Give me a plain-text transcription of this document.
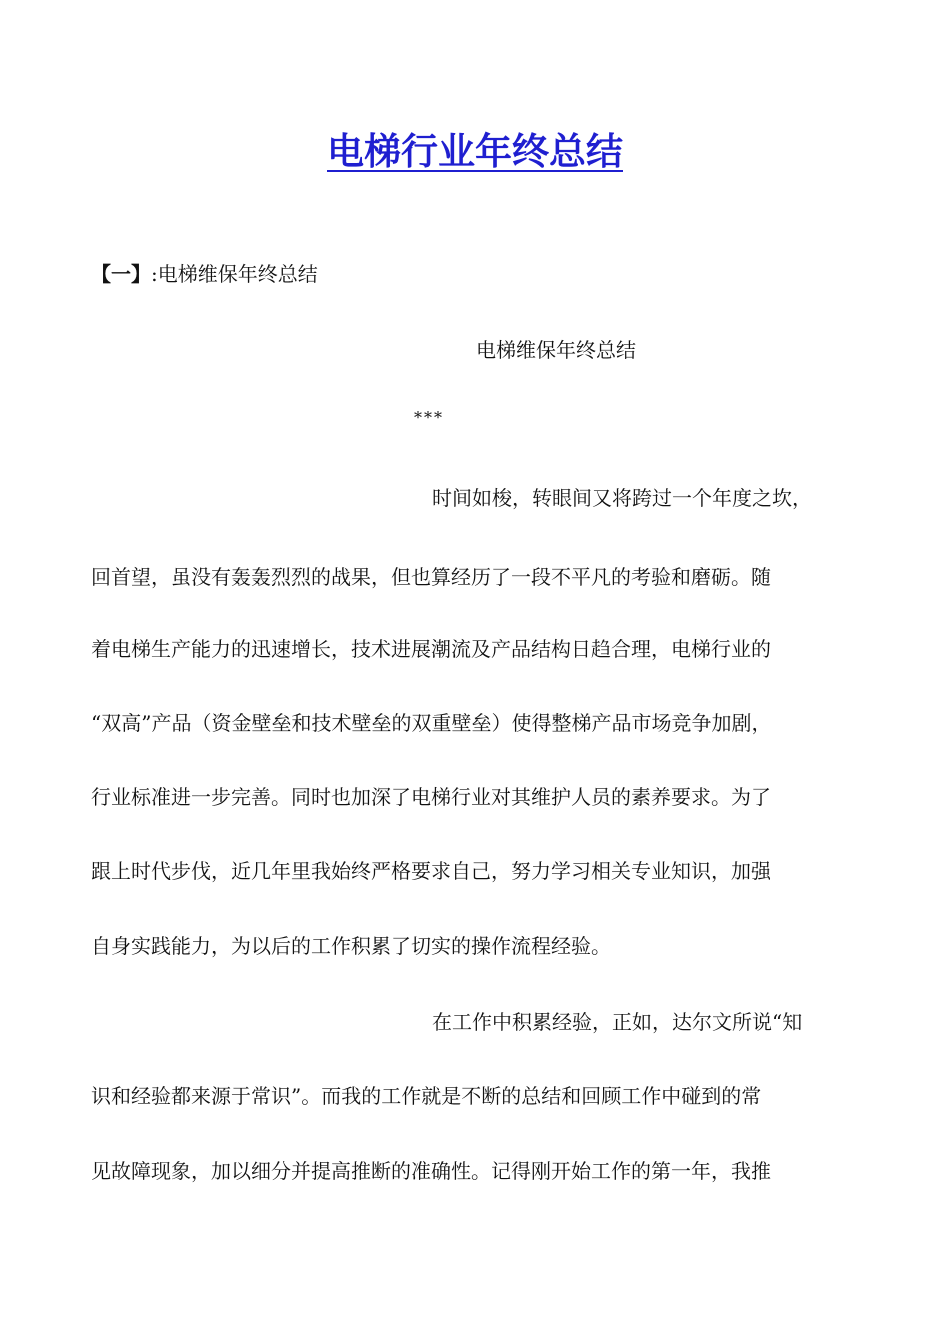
电梯行业年终总结
【一】:电梯维保年终总结
电梯维保年终总结
***
时间如梭，转眼间又将跨过一个年度之坎，
回首望，虽没有轰轰烈烈的战果，但也算经历了一段不平凡的考验和磨砺。随
着电梯生产能力的迅速增长，技术进展潮流及产品结构日趋合理，电梯行业的
“双高”产品（资金壁垒和技术壁垒的双重壁垒）使得整梯产品市场竞争加剧，
行业标准进一步完善。同时也加深了电梯行业对其维护人员的素养要求。为了
跟上时代步伐，近几年里我始终严格要求自己，努力学习相关专业知识，加强
自身实践能力，为以后的工作积累了切实的操作流程经验。
在工作中积累经验，正如，达尔文所说“知
识和经验都来源于常识”。而我的工作就是不断的总结和回顾工作中碰到的常
见故障现象，加以细分并提高推断的准确性。记得刚开始工作的第一年，我推
